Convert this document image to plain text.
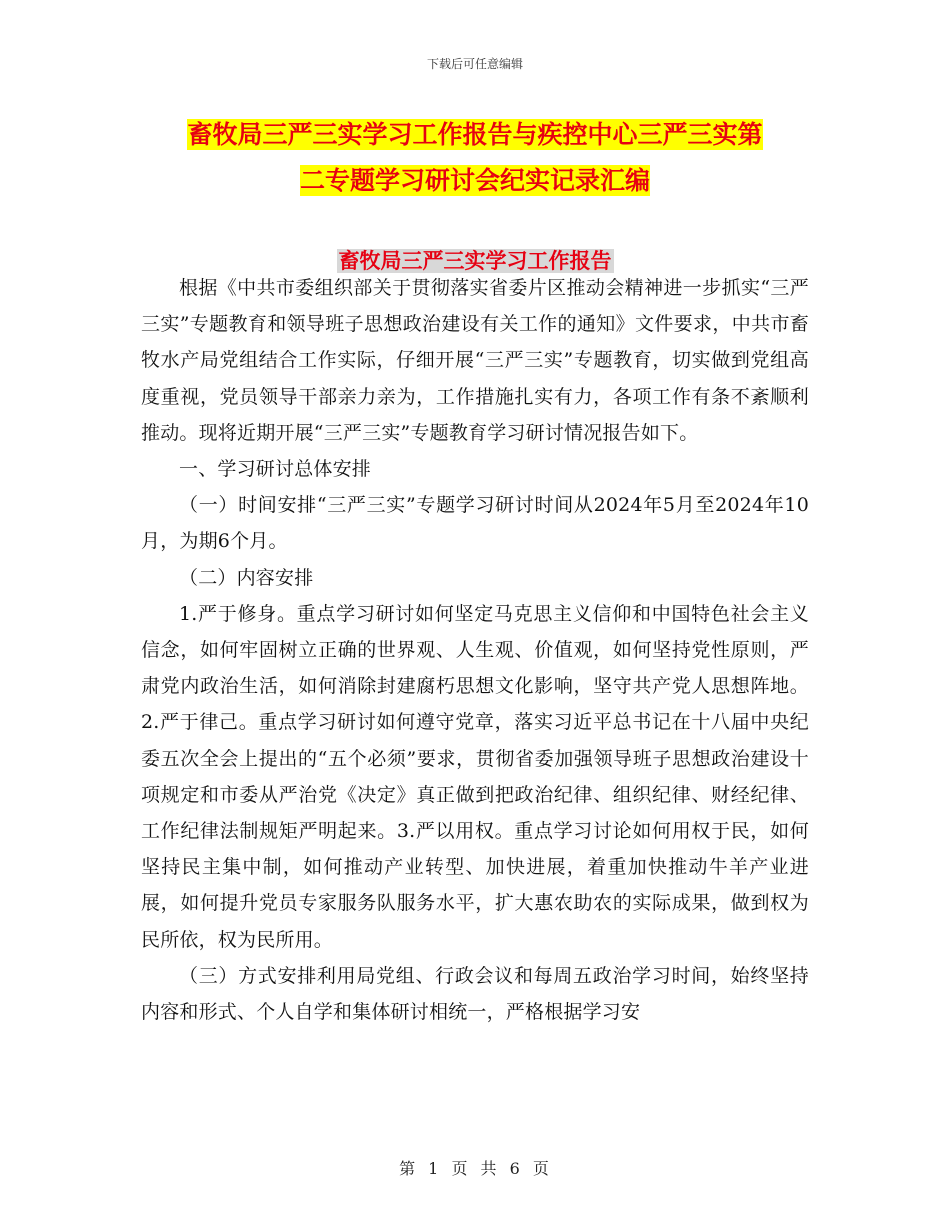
下载后可任意编辑
畜牧局三严三实学习工作报告与疾控中心三严三实第
二专题学习研讨会纪实记录汇编
畜牧局三严三实学习工作报告

根据《中共市委组织部关于贯彻落实省委片区推动会精神进一步抓实“三严三实”专题教育和领导班子思想政治建设有关工作的通知》文件要求，中共市畜牧水产局党组结合工作实际，仔细开展“三严三实”专题教育，切实做到党组高度重视，党员领导干部亲力亲为，工作措施扎实有力，各项工作有条不紊顺利推动。现将近期开展“三严三实”专题教育学习研讨情况报告如下。

一、学习研讨总体安排

（一）时间安排“三严三实”专题学习研讨时间从2024年5月至2024年10月，为期6个月。

（二）内容安排

1.严于修身。重点学习研讨如何坚定马克思主义信仰和中国特色社会主义信念，如何牢固树立正确的世界观、人生观、价值观，如何坚持党性原则，严肃党内政治生活，如何消除封建腐朽思想文化影响，坚守共产党人思想阵地。2.严于律己。重点学习研讨如何遵守党章，落实习近平总书记在十八届中央纪委五次全会上提出的“五个必须”要求，贯彻省委加强领导班子思想政治建设十项规定和市委从严治党《决定》真正做到把政治纪律、组织纪律、财经纪律、工作纪律法制规矩严明起来。3.严以用权。重点学习讨论如何用权于民，如何坚持民主集中制，如何推动产业转型、加快进展，着重加快推动牛羊产业进展，如何提升党员专家服务队服务水平，扩大惠农助农的实际成果，做到权为民所依，权为民所用。

（三）方式安排利用局党组、行政会议和每周五政治学习时间，始终坚持内容和形式、个人自学和集体研讨相统一，严格根据学习安

第 1 页 共 6 页
